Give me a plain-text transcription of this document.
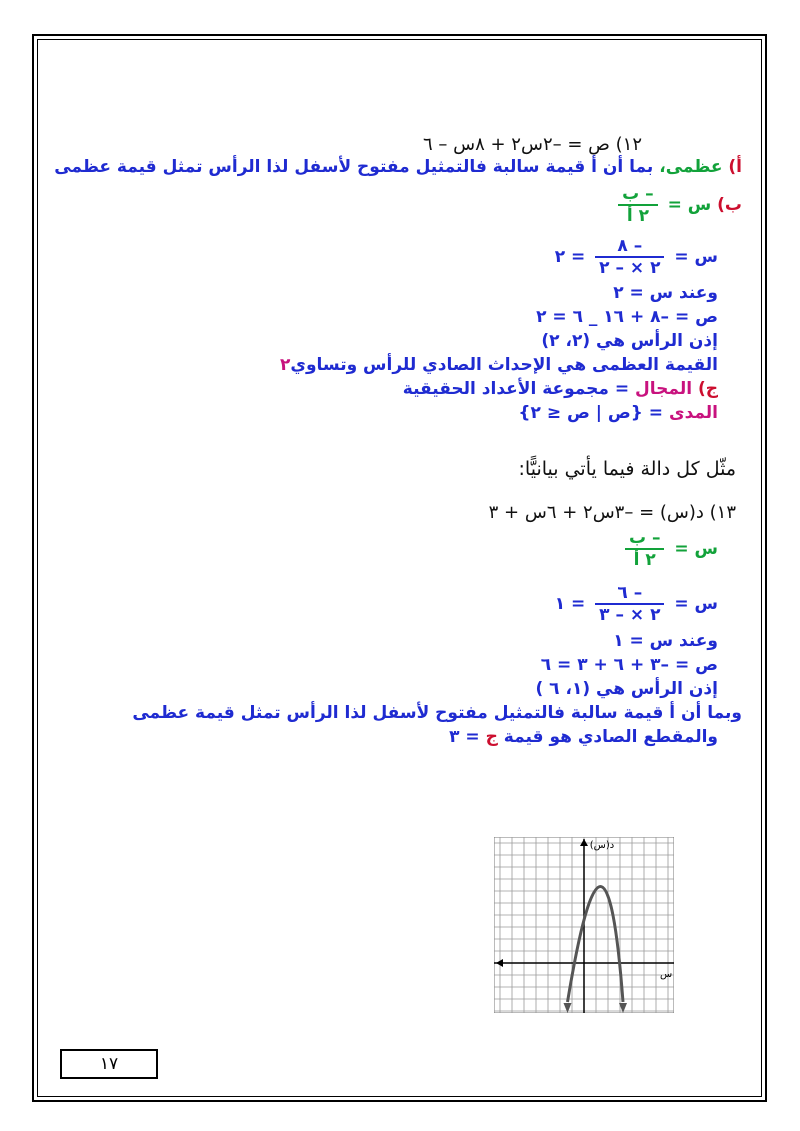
١٢) ص = –٢س٢ + ٨س – ٦
أ) عظمى، بما أن أ قيمة سالبة فالتمثيل مفتوح لأسفل لذا الرأس تمثل قيمة عظمى
ب) س =
$\frac{\text{– ب}}{\text{٢ أ}}$
س =
$\frac{- ٨}{٢ \times - ٢}$
= ٢
وعند س = ٢
ص = –٨ + ١٦ _ ٦ = ٢
إذن الرأس هي (٢، ٢)
القيمة العظمى هي الإحداث الصادي للرأس وتساوي٢
ج) المجال = مجموعة الأعداد الحقيقية
المدى = {ص | ص ≤ ٢}
مثّل كل دالة فيما يأتي بيانيًّا:
١٣) د(س) = –٣س٢ + ٦س + ٣
س =
$\frac{\text{– ب}}{\text{٢ أ}}$
س =
$\frac{- ٦}{٢ \times - ٣}$
= ١
وعند س = ١
ص = –٣ + ٦ + ٣ = ٦
إذن الرأس هي (١، ٦ )
وبما أن أ قيمة سالبة فالتمثيل مفتوح لأسفل لذا الرأس تمثل قيمة عظمى
والمقطع الصادي هو قيمة ج = ٣
د(س)
س
١٧
